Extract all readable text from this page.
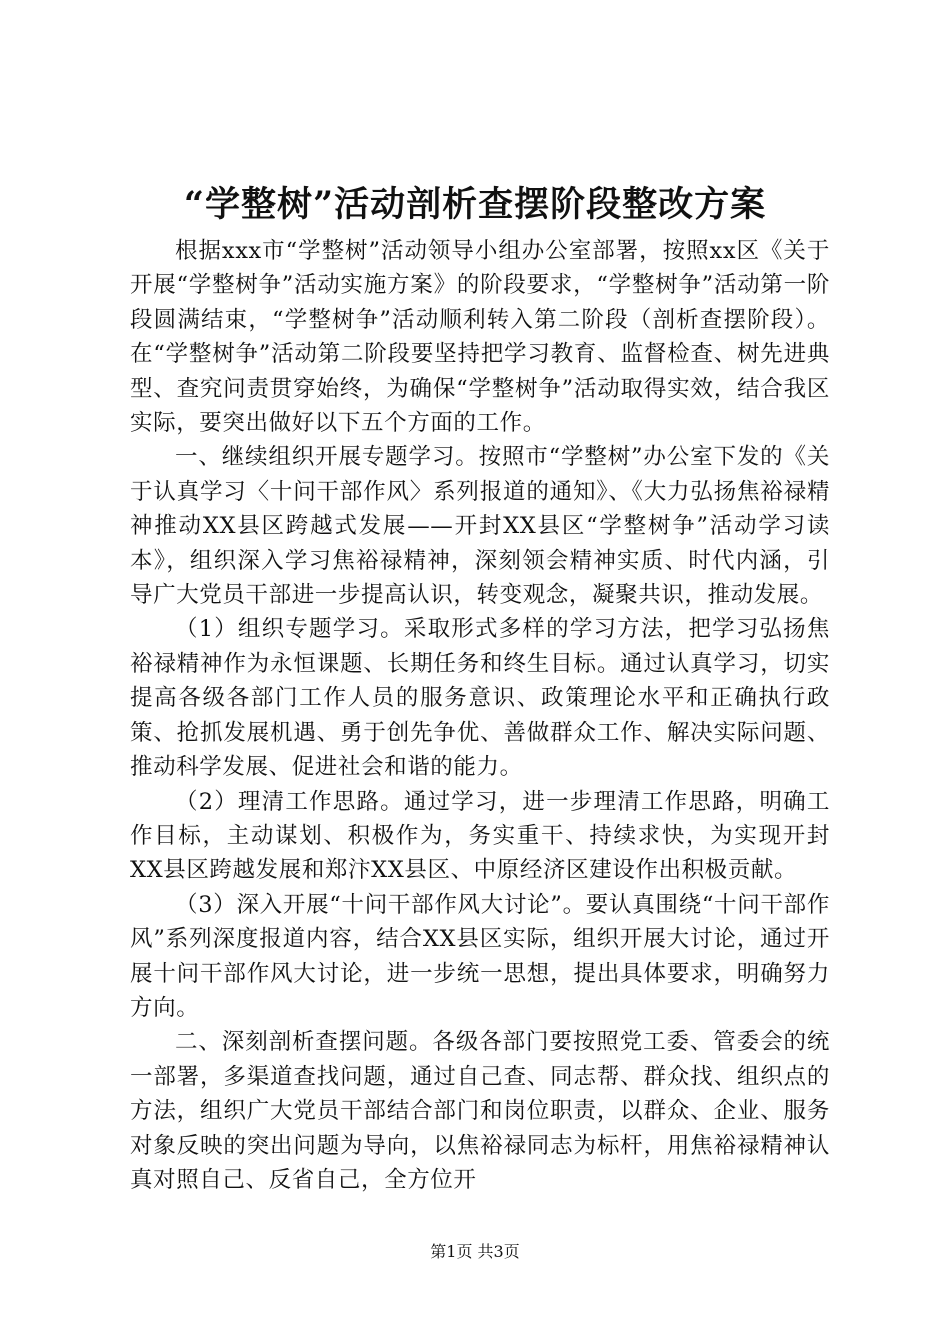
“学整树”活动剖析查摆阶段整改方案

根据xxx市“学整树”活动领导小组办公室部署，按照xx区《关于开展“学整树争”活动实施方案》的阶段要求，“学整树争”活动第一阶段圆满结束，“学整树争”活动顺利转入第二阶段（剖析查摆阶段）。在“学整树争”活动第二阶段要坚持把学习教育、监督检查、树先进典型、查究问责贯穿始终，为确保“学整树争”活动取得实效，结合我区实际，要突出做好以下五个方面的工作。

一、继续组织开展专题学习。按照市“学整树”办公室下发的《关于认真学习〈十问干部作风〉系列报道的通知》、《大力弘扬焦裕禄精神推动XX县区跨越式发展——开封XX县区“学整树争”活动学习读本》，组织深入学习焦裕禄精神，深刻领会精神实质、时代内涵，引导广大党员干部进一步提高认识，转变观念，凝聚共识，推动发展。

（1）组织专题学习。采取形式多样的学习方法，把学习弘扬焦裕禄精神作为永恒课题、长期任务和终生目标。通过认真学习，切实提高各级各部门工作人员的服务意识、政策理论水平和正确执行政策、抢抓发展机遇、勇于创先争优、善做群众工作、解决实际问题、推动科学发展、促进社会和谐的能力。

（2）理清工作思路。通过学习，进一步理清工作思路，明确工作目标，主动谋划、积极作为，务实重干、持续求快，为实现开封XX县区跨越发展和郑汴XX县区、中原经济区建设作出积极贡献。

（3）深入开展“十问干部作风大讨论”。要认真围绕“十问干部作风”系列深度报道内容，结合XX县区实际，组织开展大讨论，通过开展十问干部作风大讨论，进一步统一思想，提出具体要求，明确努力方向。

二、深刻剖析查摆问题。各级各部门要按照党工委、管委会的统一部署，多渠道查找问题，通过自己查、同志帮、群众找、组织点的方法，组织广大党员干部结合部门和岗位职责，以群众、企业、服务对象反映的突出问题为导向，以焦裕禄同志为标杆，用焦裕禄精神认真对照自己、反省自己，全方位开

第1页 共3页
